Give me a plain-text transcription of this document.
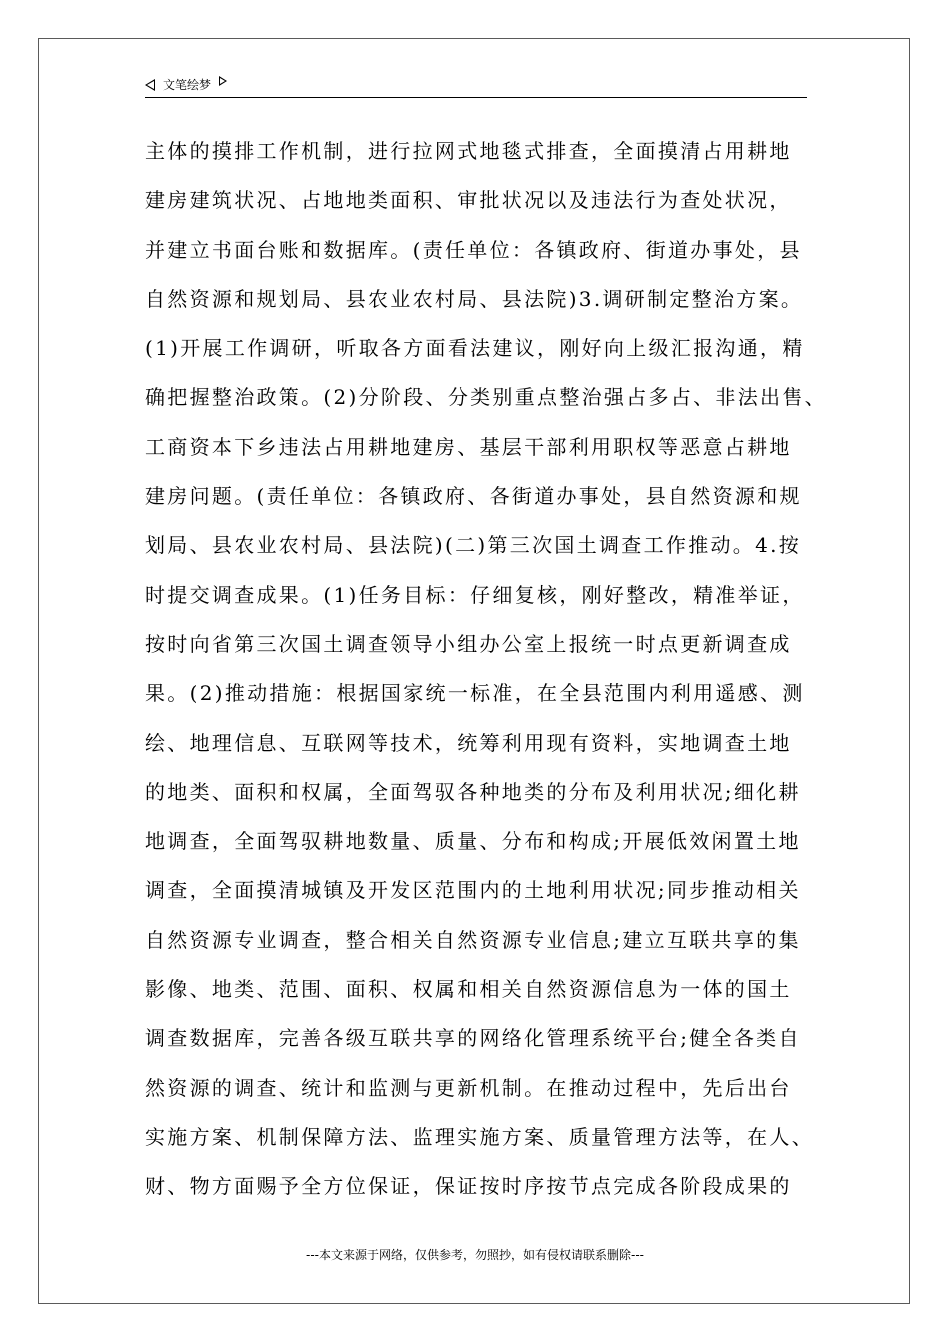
文笔绘梦
主体的摸排工作机制，进行拉网式地毯式排查，全面摸清占用耕地
建房建筑状况、占地地类面积、审批状况以及违法行为查处状况，
并建立书面台账和数据库。(责任单位：各镇政府、街道办事处，县
自然资源和规划局、县农业农村局、县法院)3.调研制定整治方案。
(1)开展工作调研，听取各方面看法建议，刚好向上级汇报沟通，精
确把握整治政策。(2)分阶段、分类别重点整治强占多占、非法出售、
工商资本下乡违法占用耕地建房、基层干部利用职权等恶意占耕地
建房问题。(责任单位：各镇政府、各街道办事处，县自然资源和规
划局、县农业农村局、县法院)(二)第三次国土调查工作推动。4.按
时提交调查成果。(1)任务目标：仔细复核，刚好整改，精准举证，
按时向省第三次国土调查领导小组办公室上报统一时点更新调查成
果。(2)推动措施：根据国家统一标准，在全县范围内利用遥感、测
绘、地理信息、互联网等技术，统筹利用现有资料，实地调查土地
的地类、面积和权属，全面驾驭各种地类的分布及利用状况;细化耕
地调查，全面驾驭耕地数量、质量、分布和构成;开展低效闲置土地
调查，全面摸清城镇及开发区范围内的土地利用状况;同步推动相关
自然资源专业调查，整合相关自然资源专业信息;建立互联共享的集
影像、地类、范围、面积、权属和相关自然资源信息为一体的国土
调查数据库，完善各级互联共享的网络化管理系统平台;健全各类自
然资源的调查、统计和监测与更新机制。在推动过程中，先后出台
实施方案、机制保障方法、监理实施方案、质量管理方法等，在人、
财、物方面赐予全方位保证，保证按时序按节点完成各阶段成果的
---本文来源于网络，仅供参考，勿照抄，如有侵权请联系删除---
